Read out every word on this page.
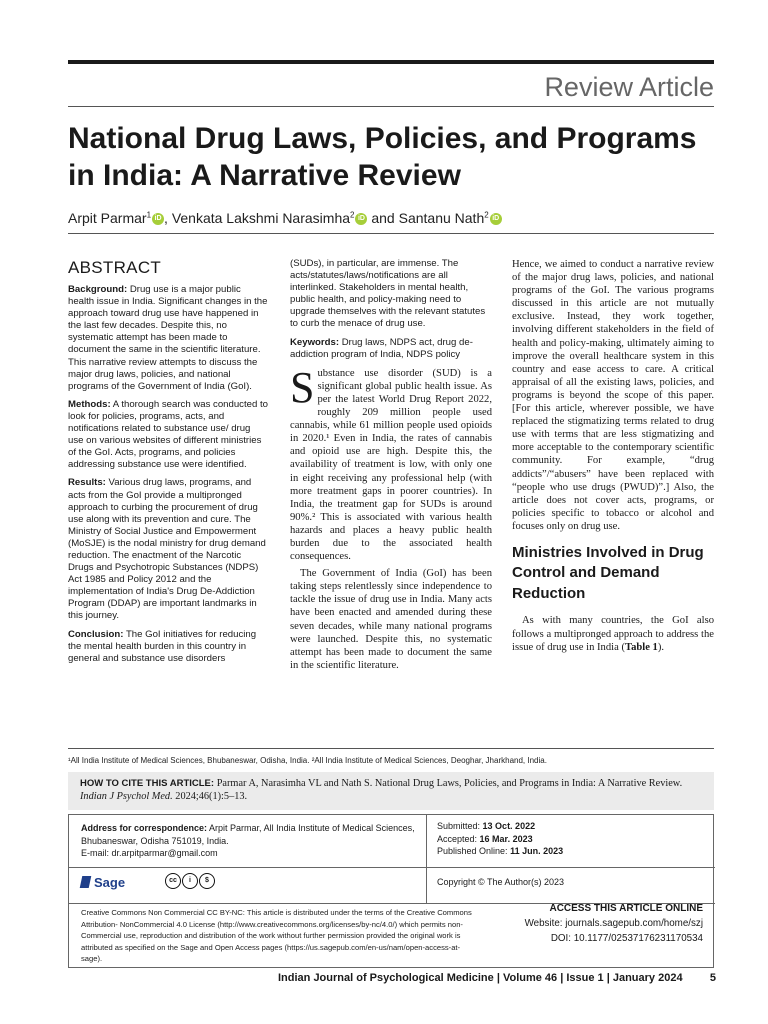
Review Article
National Drug Laws, Policies, and Programs in India: A Narrative Review
Arpit Parmar$^1$ iD , Venkata Lakshmi Narasimha$^2$ iD and Santanu Nath$^2$ iD
ABSTRACT

Background: Drug use is a major public health issue in India. Significant changes in the approach toward drug use have happened in the last few decades. Despite this, no systematic attempt has been made to document the same in the scientific literature. This narrative review attempts to discuss the major drug laws, policies, and national programs of the Government of India (GoI).

Methods: A thorough search was conducted to look for policies, programs, acts, and notifications related to substance use/ drug use on various websites of different ministries of the GoI. Acts, programs, and policies addressing substance use were identified.

Results: Various drug laws, programs, and acts from the GoI provide a multipronged approach to curbing the procurement of drug use along with its prevention and cure. The Ministry of Social Justice and Empowerment (MoSJE) is the nodal ministry for drug demand reduction. The enactment of the Narcotic Drugs and Psychotropic Substances (NDPS) Act 1985 and Policy 2012 and the implementation of India's Drug De-Addiction Program (DDAP) are important landmarks in this journey.

Conclusion: The GoI initiatives for reducing the mental health burden in this country in general and substance use disorders

(SUDs), in particular, are immense. The acts/statutes/laws/notifications are all interlinked. Stakeholders in mental health, public health, and policy-making need to upgrade themselves with the relevant statutes to curb the menace of drug use.

Keywords: Drug laws, NDPS act, drug de-addiction program of India, NDPS policy

Substance use disorder (SUD) is a significant global public health issue. As per the latest World Drug Report 2022, roughly 209 million people used cannabis, while 61 million people used opioids in 2020.¹ Even in India, the rates of cannabis and opioid use are high. Despite this, the availability of treatment is low, with only one in eight receiving any professional help (with more treatment gaps in poorer countries). In India, the treatment gap for SUDs is around 90%.² This is associated with various health hazards and places a heavy public health burden due to the associated health consequences.

The Government of India (GoI) has been taking steps relentlessly since independence to tackle the issue of drug use in India. Many acts have been enacted and amended during these seven decades, while many national programs were launched. Despite this, no systematic attempt has been made to document the same in the scientific literature.

Hence, we aimed to conduct a narrative review of the major drug laws, policies, and national programs of the GoI. The various programs discussed in this article are not mutually exclusive. Instead, they work together, involving different stakeholders in the field of health and policy-making, ultimately aiming to improve the overall healthcare system in this country and ease access to care. A critical appraisal of all the existing laws, policies, and programs is beyond the scope of this paper. [For this article, wherever possible, we have replaced the stigmatizing terms related to drug use with terms that are less stigmatizing and more acceptable to the contemporary scientific community. For example, “drug addicts”/“abusers” have been replaced with “people who use drugs (PWUD)”.] Also, the article does not cover acts, programs, or policies specific to tobacco or alcohol and focuses only on drug use.

Ministries Involved in Drug Control and Demand Reduction

As with many countries, the GoI also follows a multipronged approach to address the issue of drug use in India (Table 1).

¹All India Institute of Medical Sciences, Bhubaneswar, Odisha, India. ²All India Institute of Medical Sciences, Deoghar, Jharkhand, India.
HOW TO CITE THIS ARTICLE: Parmar A, Narasimha VL and Nath S. National Drug Laws, Policies, and Programs in India: A Narrative Review. Indian J Psychol Med. 2024;46(1):5–13.
Address for correspondence: Arpit Parmar, All India Institute of Medical Sciences, Bhubaneswar, Odisha 751019, India.
E-mail: dr.arpitparmar@gmail.com
Submitted: 13 Oct. 2022
Accepted: 16 Mar. 2023
Published Online: 11 Jun. 2023
Sage	cc i $	Copyright © The Author(s) 2023
Creative Commons Non Commercial CC BY-NC: This article is distributed under the terms of the Creative Commons Attribution- NonCommercial 4.0 License (http://www.creativecommons.org/licenses/by-nc/4.0/) which permits non-Commercial use, reproduction and distribution of the work without further permission provided the original work is attributed as specified on the Sage and Open Access pages (https://us.sagepub.com/en-us/nam/open-access-at-sage).
ACCESS THIS ARTICLE ONLINE
Website: journals.sagepub.com/home/szj
DOI: 10.1177/02537176231170534
Indian Journal of Psychological Medicine | Volume 46 | Issue 1 | January 2024 5
